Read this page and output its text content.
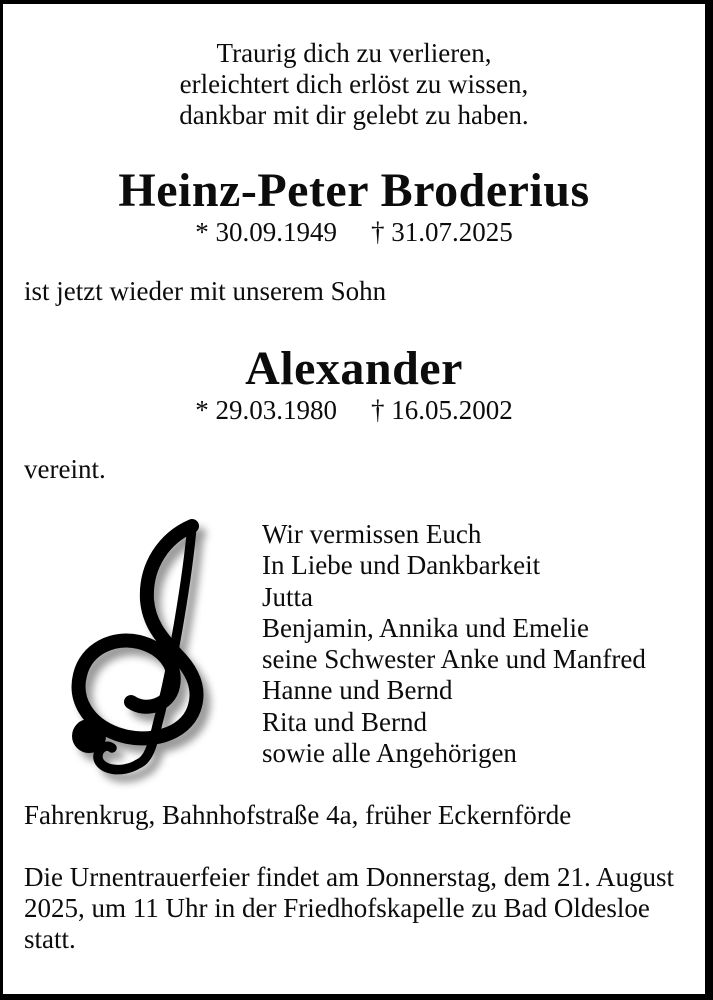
Traurig dich zu verlieren,
erleichtert dich erlöst zu wissen,
dankbar mit dir gelebt zu haben.
Heinz-Peter Broderius
* 30.09.1949 † 31.07.2025

ist jetzt wieder mit unserem Sohn

Alexander
* 29.03.1980 † 16.05.2002

vereint.

Wir vermissen Euch
In Liebe und Dankbarkeit
Jutta
Benjamin, Annika und Emelie
seine Schwester Anke und Manfred
Hanne und Bernd
Rita und Bernd
sowie alle Angehörigen

Fahrenkrug, Bahnhofstraße 4a, früher Eckernförde

Die Urnentrauerfeier findet am Donnerstag, dem 21. August
2025, um 11 Uhr in der Friedhofskapelle zu Bad Oldesloe
statt.
